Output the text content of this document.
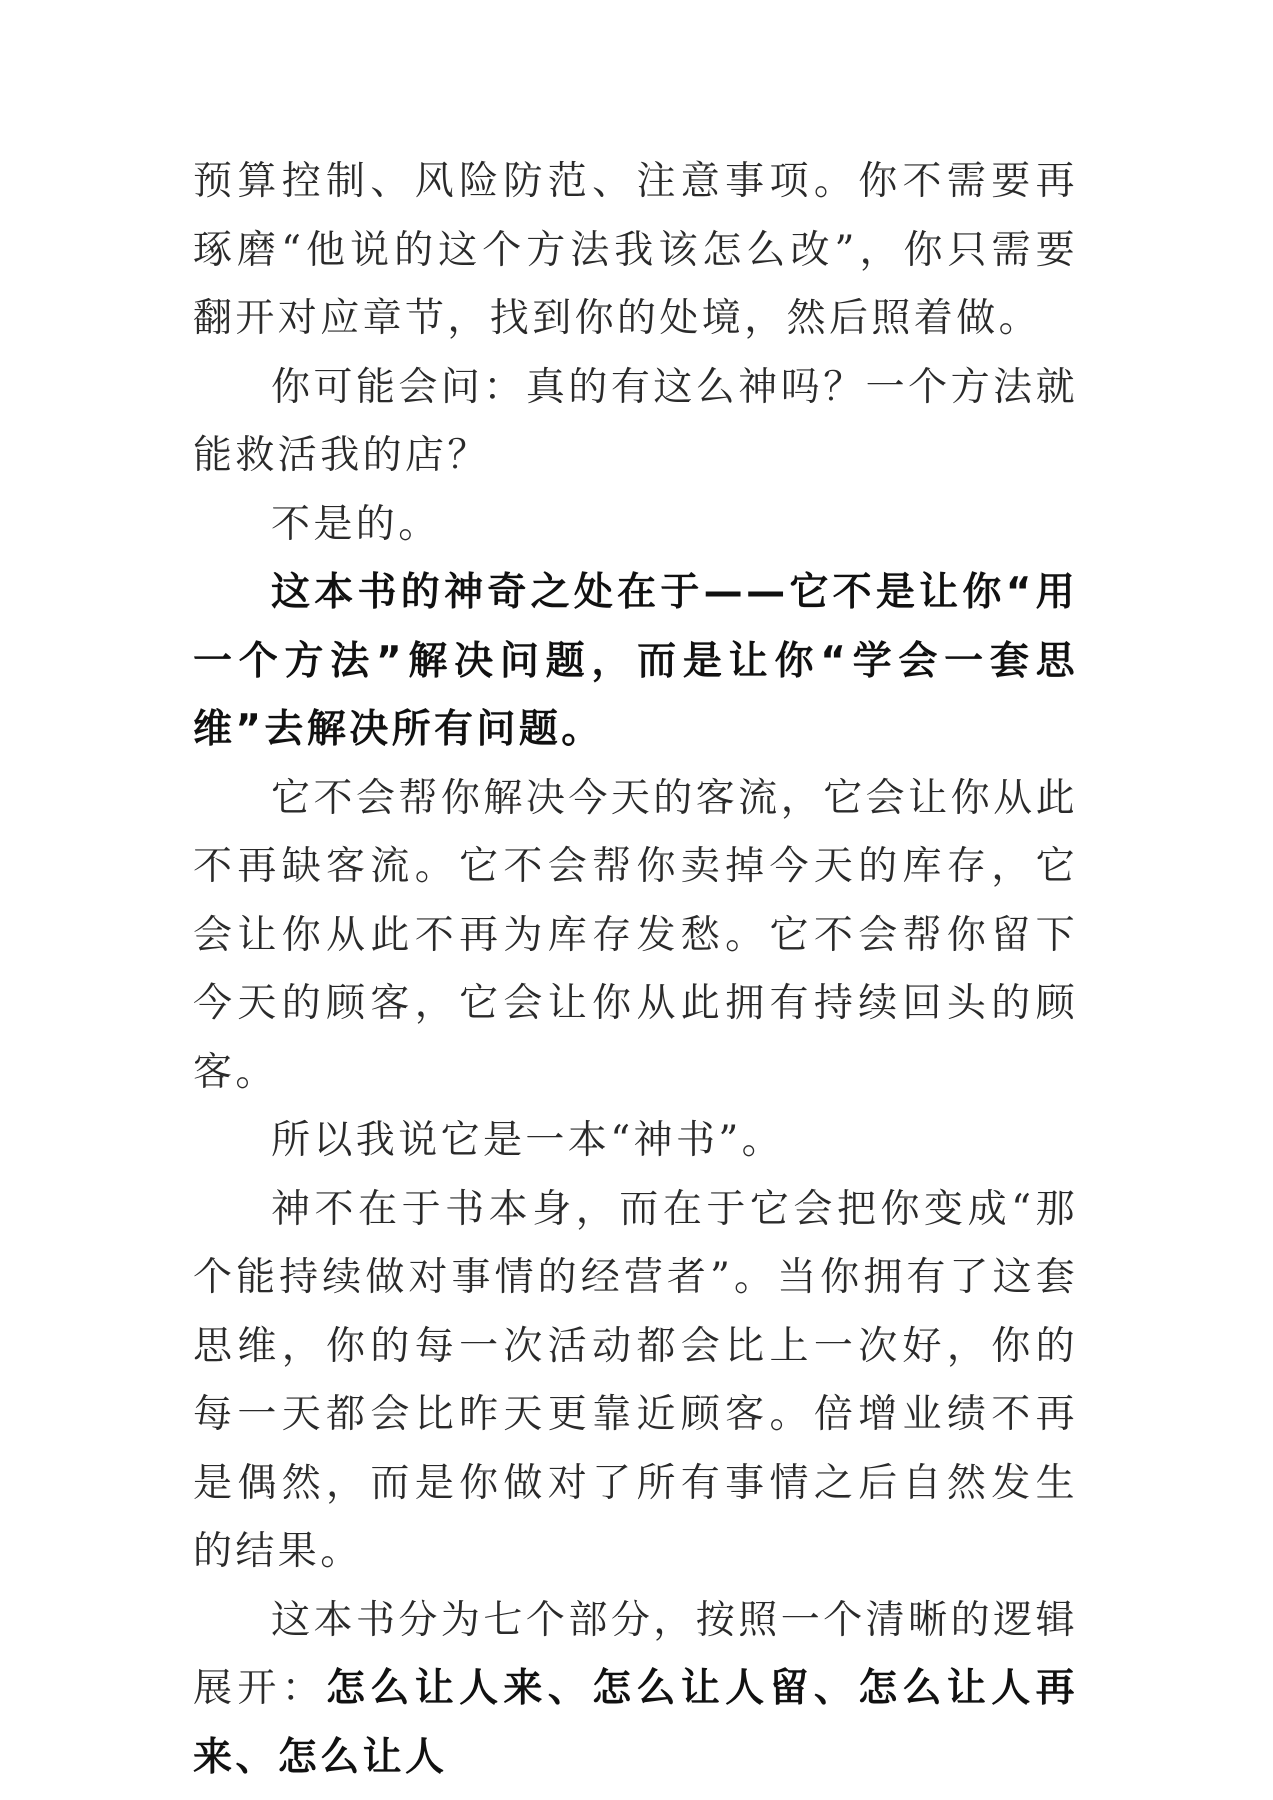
预算控制、风险防范、注意事项。你不需要再琢磨“他说的这个方法我该怎么改”，你只需要翻开对应章节，找到你的处境，然后照着做。

你可能会问：真的有这么神吗？一个方法就能救活我的店？

不是的。

这本书的神奇之处在于——它不是让你“用一个方法”解决问题，而是让你“学会一套思维”去解决所有问题。

它不会帮你解决今天的客流，它会让你从此不再缺客流。它不会帮你卖掉今天的库存，它会让你从此不再为库存发愁。它不会帮你留下今天的顾客，它会让你从此拥有持续回头的顾客。

所以我说它是一本“神书”。

神不在于书本身，而在于它会把你变成“那个能持续做对事情的经营者”。当你拥有了这套思维，你的每一次活动都会比上一次好，你的每一天都会比昨天更靠近顾客。倍增业绩不再是偶然，而是你做对了所有事情之后自然发生的结果。

这本书分为七个部分，按照一个清晰的逻辑展开：怎么让人来、怎么让人留、怎么让人再来、怎么让人
